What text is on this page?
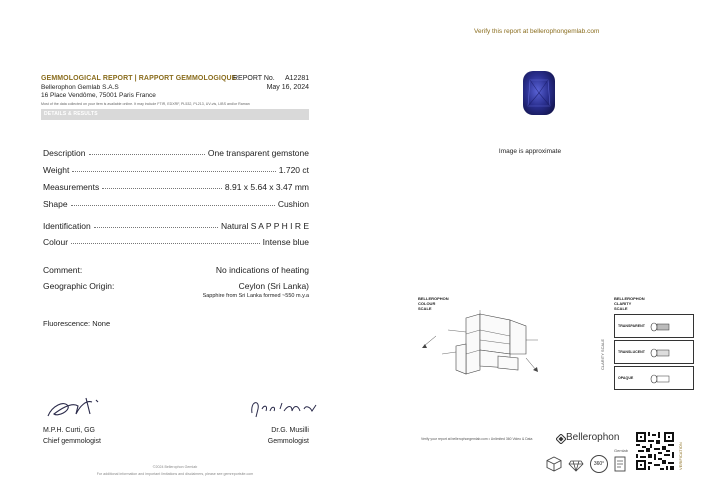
Verify this report at bellerophongemlab.com
GEMMOLOGICAL REPORT | RAPPORT GEMMOLOGIQUE
REPORT No. A12281
Bellerophon Gemlab S.A.S	May 16, 2024
16 Place Vendôme, 75001 Paris France
Most of the data collected on your item is available online. It may include FTIR, EDXRF, PL532, PL213, UV-vis, LIBS and/or Raman
DETAILS & RESULTS
Description	One transparent gemstone
Weight	1.720 ct
Measurements	8.91 x 5.64 x 3.47 mm
Shape	Cushion
Identification	Natural S A P P H I R E
Colour	Intense blue
Comment:	No indications of heating
Geographic Origin:	Ceylon (Sri Lanka)
Sapphire from Sri Lanka formed ~550 m.y.a
Fluorescence: None
M.P.H. Curti, GG
Chief gemmologist
Dr.G. Musilli
Gemmologist
©2024 Bellerophon Gemlab
For additional information and important limitations and disclaimers, please see gemreportsite.com
Image is approximate
BELLEROPHON
COLOUR
SCALE
BELLEROPHON
CLARITY
SCALE
CLARITY SCALE
TRANSPARENT
TRANSLUCENT
OPAQUE
Verify your report at bellerophongemlab.com • Unlimited 360 Video & Data	Bellerophon
Gemlab
360°	VERIFICATION
